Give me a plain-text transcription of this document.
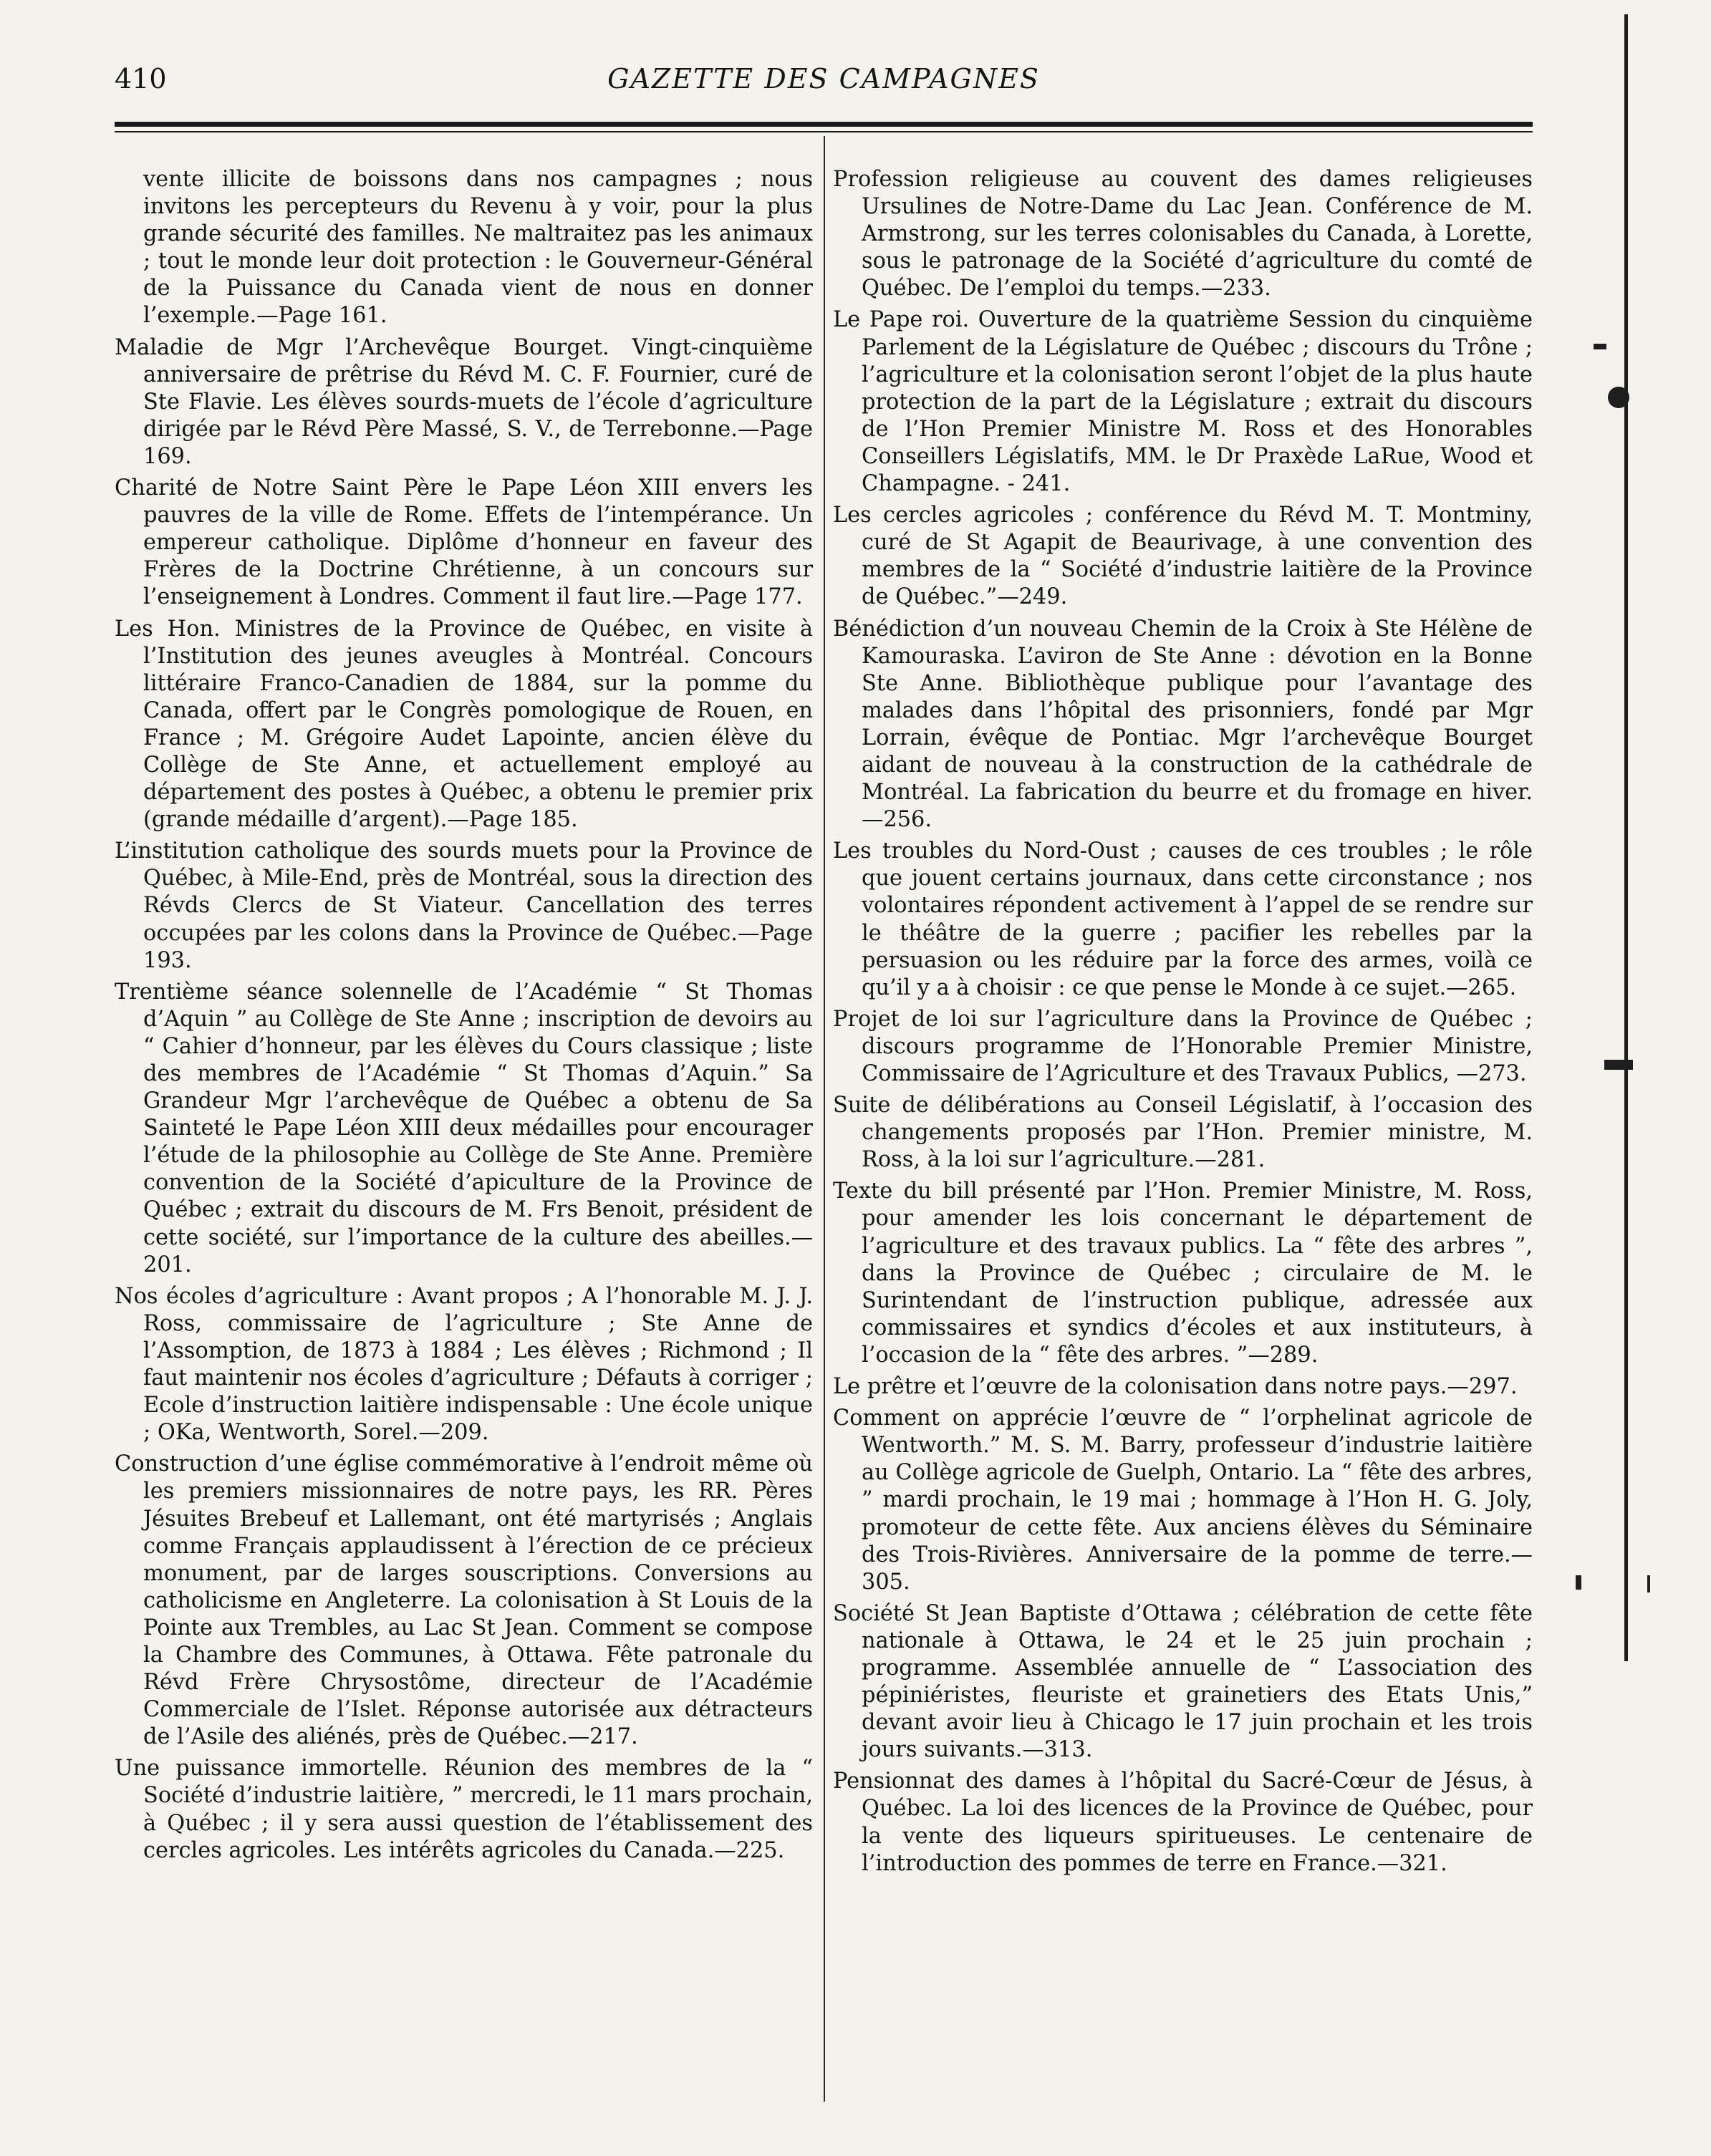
410	GAZETTE DES CAMPAGNES

vente illicite de boissons dans nos campagnes ; nous invitons les percepteurs du Revenu à y voir, pour la plus grande sécurité des familles. Ne maltraitez pas les animaux ; tout le monde leur doit protection : le Gouverneur-Général de la Puissance du Canada vient de nous en donner l’exemple.—Page 161.

Maladie de Mgr l’Archevêque Bourget. Vingt-cinquième anniversaire de prêtrise du Révd M. C. F. Fournier, curé de Ste Flavie. Les élèves sourds-muets de l’école d’agriculture dirigée par le Révd Père Massé, S. V., de Terrebonne.—Page 169.

Charité de Notre Saint Père le Pape Léon XIII envers les pauvres de la ville de Rome. Effets de l’intempérance. Un empereur catholique. Diplôme d’honneur en faveur des Frères de la Doctrine Chrétienne, à un concours sur l’enseignement à Londres. Comment il faut lire.—Page 177.

Les Hon. Ministres de la Province de Québec, en visite à l’Institution des jeunes aveugles à Montréal. Concours littéraire Franco-Canadien de 1884, sur la pomme du Canada, offert par le Congrès pomologique de Rouen, en France ; M. Grégoire Audet Lapointe, ancien élève du Collège de Ste Anne, et actuellement employé au département des postes à Québec, a obtenu le premier prix (grande médaille d’argent).—Page 185.

L’institution catholique des sourds muets pour la Province de Québec, à Mile-End, près de Montréal, sous la direction des Révds Clercs de St Viateur. Cancellation des terres occupées par les colons dans la Province de Québec.—Page 193.

Trentième séance solennelle de l’Académie “ St Thomas d’Aquin ” au Collège de Ste Anne ; inscription de devoirs au “ Cahier d’honneur, par les élèves du Cours classique ; liste des membres de l’Académie “ St Thomas d’Aquin.” Sa Grandeur Mgr l’archevêque de Québec a obtenu de Sa Sainteté le Pape Léon XIII deux médailles pour encourager l’étude de la philosophie au Collège de Ste Anne. Première convention de la Société d’apiculture de la Province de Québec ; extrait du discours de M. Frs Benoit, président de cette société, sur l’importance de la culture des abeilles.—201.

Nos écoles d’agriculture : Avant propos ; A l’honorable M. J. J. Ross, commissaire de l’agriculture ; Ste Anne de l’Assomption, de 1873 à 1884 ; Les élèves ; Richmond ; Il faut maintenir nos écoles d’agriculture ; Défauts à corriger ; Ecole d’instruction laitière indispensable : Une école unique ; OKa, Wentworth, Sorel.—209.

Construction d’une église commémorative à l’endroit même où les premiers missionnaires de notre pays, les RR. Pères Jésuites Brebeuf et Lallemant, ont été martyrisés ; Anglais comme Français applaudissent à l’érection de ce précieux monument, par de larges souscriptions. Conversions au catholicisme en Angleterre. La colonisation à St Louis de la Pointe aux Trembles, au Lac St Jean. Comment se compose la Chambre des Communes, à Ottawa. Fête patronale du Révd Frère Chrysostôme, directeur de l’Académie Commerciale de l’Islet. Réponse autorisée aux détracteurs de l’Asile des aliénés, près de Québec.—217.

Une puissance immortelle. Réunion des membres de la “ Société d’industrie laitière, ” mercredi, le 11 mars prochain, à Québec ; il y sera aussi question de l’établissement des cercles agricoles. Les intérêts agricoles du Canada.—225.

Profession religieuse au couvent des dames religieuses Ursulines de Notre-Dame du Lac Jean. Conférence de M. Armstrong, sur les terres colonisables du Canada, à Lorette, sous le patronage de la Société d’agriculture du comté de Québec. De l’emploi du temps.—233.

Le Pape roi. Ouverture de la quatrième Session du cinquième Parlement de la Législature de Québec ; discours du Trône ; l’agriculture et la colonisation seront l’objet de la plus haute protection de la part de la Législature ; extrait du discours de l’Hon Premier Ministre M. Ross et des Honorables Conseillers Législatifs, MM. le Dr Praxède LaRue, Wood et Champagne. - 241.

Les cercles agricoles ; conférence du Révd M. T. Montminy, curé de St Agapit de Beaurivage, à une convention des membres de la “ Société d’industrie laitière de la Province de Québec.”—249.

Bénédiction d’un nouveau Chemin de la Croix à Ste Hélène de Kamouraska. L’aviron de Ste Anne : dévotion en la Bonne Ste Anne. Bibliothèque publique pour l’avantage des malades dans l’hôpital des prisonniers, fondé par Mgr Lorrain, évêque de Pontiac. Mgr l’archevêque Bourget aidant de nouveau à la construction de la cathédrale de Montréal. La fabrication du beurre et du fromage en hiver.—256.

Les troubles du Nord-Oust ; causes de ces troubles ; le rôle que jouent certains journaux, dans cette circonstance ; nos volontaires répondent activement à l’appel de se rendre sur le théâtre de la guerre ; pacifier les rebelles par la persuasion ou les réduire par la force des armes, voilà ce qu’il y a à choisir : ce que pense le Monde à ce sujet.—265.

Projet de loi sur l’agriculture dans la Province de Québec ; discours programme de l’Honorable Premier Ministre, Commissaire de l’Agriculture et des Travaux Publics, —273.

Suite de délibérations au Conseil Législatif, à l’occasion des changements proposés par l’Hon. Premier ministre, M. Ross, à la loi sur l’agriculture.—281.

Texte du bill présenté par l’Hon. Premier Ministre, M. Ross, pour amender les lois concernant le département de l’agriculture et des travaux publics. La “ fête des arbres ”, dans la Province de Québec ; circulaire de M. le Surintendant de l’instruction publique, adressée aux commissaires et syndics d’écoles et aux instituteurs, à l’occasion de la “ fête des arbres. ”—289.

Le prêtre et l’œuvre de la colonisation dans notre pays.—297.

Comment on apprécie l’œuvre de “ l’orphelinat agricole de Wentworth.” M. S. M. Barry, professeur d’industrie laitière au Collège agricole de Guelph, Ontario. La “ fête des arbres, ” mardi prochain, le 19 mai ; hommage à l’Hon H. G. Joly, promoteur de cette fête. Aux anciens élèves du Séminaire des Trois-Rivières. Anniversaire de la pomme de terre.—305.

Société St Jean Baptiste d’Ottawa ; célébration de cette fête nationale à Ottawa, le 24 et le 25 juin prochain ; programme. Assemblée annuelle de “ L’association des pépiniéristes, fleuriste et grainetiers des Etats Unis,” devant avoir lieu à Chicago le 17 juin prochain et les trois jours suivants.—313.

Pensionnat des dames à l’hôpital du Sacré-Cœur de Jésus, à Québec. La loi des licences de la Province de Québec, pour la vente des liqueurs spiritueuses. Le centenaire de l’introduction des pommes de terre en France.—321.
